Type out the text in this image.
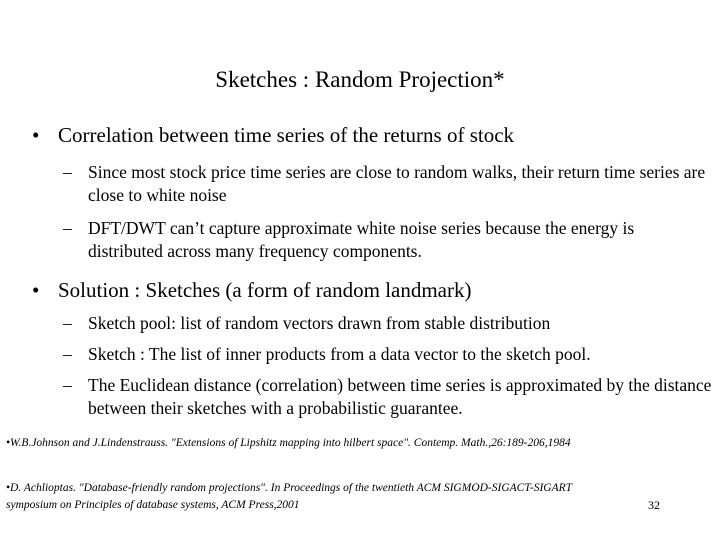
Sketches : Random Projection*
• Correlation between time series of the returns of stock
– Since most stock price time series are close to random walks, their return time series are close to white noise
– DFT/DWT can’t capture approximate white noise series because the energy is distributed across many frequency components.
• Solution : Sketches (a form of random landmark)
– Sketch pool: list of random vectors drawn from stable distribution
– Sketch : The list of inner products from a data vector to the sketch pool.
– The Euclidean distance (correlation) between time series is approximated by the distance between their sketches with a probabilistic guarantee.
•W.B.Johnson and J.Lindenstrauss. "Extensions of Lipshitz mapping into hilbert space". Contemp. Math.,26:189-206,1984
•D. Achlioptas. "Database-friendly random projections". In Proceedings of the twentieth ACM SIGMOD-SIGACT-SIGART symposium on Principles of database systems, ACM Press,2001	32
